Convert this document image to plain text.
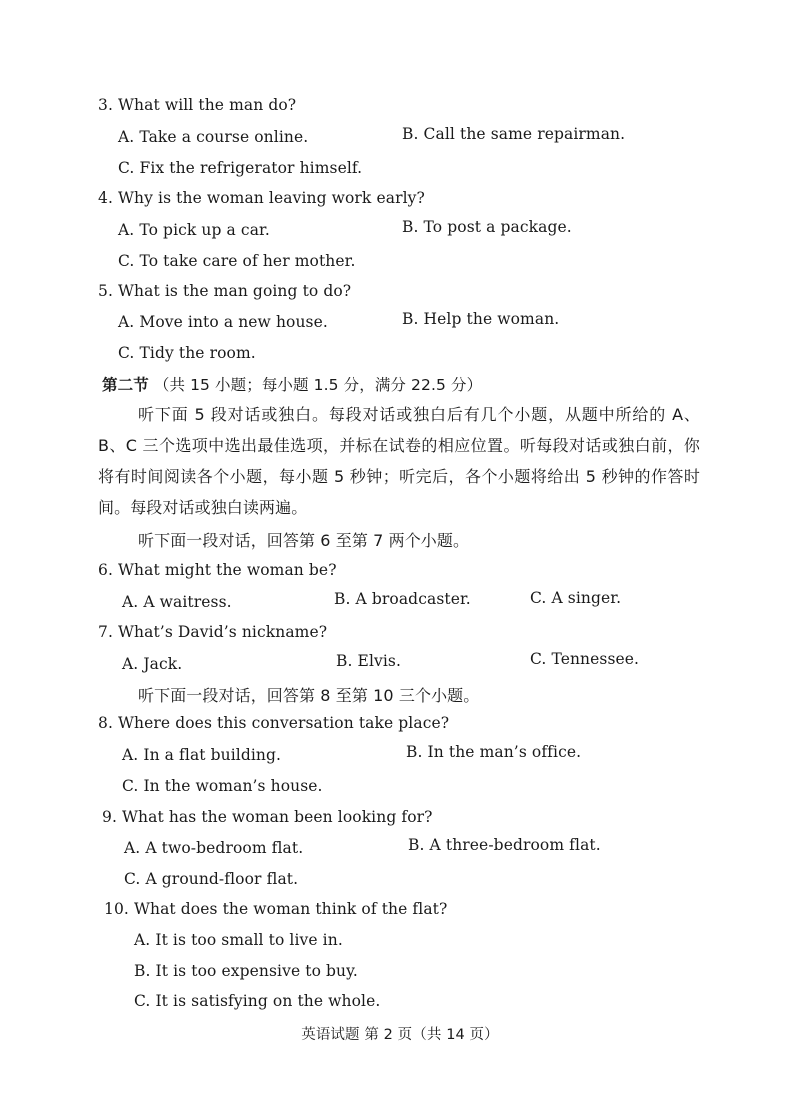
3. What will the man do?
A. Take a course online.	B. Call the same repairman.
C. Fix the refrigerator himself.
4. Why is the woman leaving work early?
A. To pick up a car.	B. To post a package.
C. To take care of her mother.
5. What is the man going to do?
A. Move into a new house.	B. Help the woman.
C. Tidy the room.
第二节 （共 15 小题；每小题 1.5 分，满分 22.5 分）
听下面 5 段对话或独白。每段对话或独白后有几个小题，从题中所给的 A、B、C 三个选项中选出最佳选项，并标在试卷的相应位置。听每段对话或独白前，你将有时间阅读各个小题，每小题 5 秒钟；听完后，各个小题将给出 5 秒钟的作答时间。每段对话或独白读两遍。
听下面一段对话，回答第 6 至第 7 两个小题。
6. What might the woman be?
A. A waitress.	B. A broadcaster.	C. A singer.
7. What’s David’s nickname?
A. Jack.	B. Elvis.	C. Tennessee.
听下面一段对话，回答第 8 至第 10 三个小题。
8. Where does this conversation take place?
A. In a flat building.	B. In the man’s office.
C. In the woman’s house.
9. What has the woman been looking for?
A. A two-bedroom flat.	B. A three-bedroom flat.
C. A ground-floor flat.
10. What does the woman think of the flat?
A. It is too small to live in.
B. It is too expensive to buy.
C. It is satisfying on the whole.
英语试题 第 2 页（共 14 页）
